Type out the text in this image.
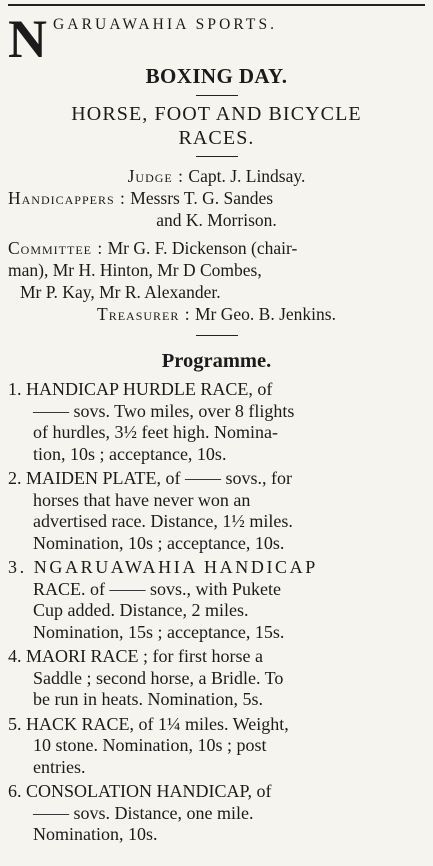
N GARUAWAHIA SPORTS.
BOXING DAY.
HORSE, FOOT AND BICYCLE
RACES.

Judge : Capt. J. Lindsay.

Handicappers : Messrs T. G. Sandes

and K. Morrison.

Committee : Mr G. F. Dickenson (chair-

man), Mr H. Hinton, Mr D Combes,

Mr P. Kay, Mr R. Alexander.

Treasurer : Mr Geo. B. Jenkins.

Programme.

1. HANDICAP HURDLE RACE, of

—— sovs. Two miles, over 8 flights

of hurdles, 3½ feet high. Nomina-

tion, 10s ; acceptance, 10s.

2. MAIDEN PLATE, of —— sovs., for

horses that have never won an

advertised race. Distance, 1½ miles.

Nomination, 10s ; acceptance, 10s.

3. NGARUAWAHIA HANDICAP

RACE. of —— sovs., with Pukete

Cup added. Distance, 2 miles.

Nomination, 15s ; acceptance, 15s.

4. MAORI RACE ; for first horse a

Saddle ; second horse, a Bridle. To

be run in heats. Nomination, 5s.

5. HACK RACE, of 1¼ miles. Weight,

10 stone. Nomination, 10s ; post

entries.

6. CONSOLATION HANDICAP, of

—— sovs. Distance, one mile.

Nomination, 10s.
